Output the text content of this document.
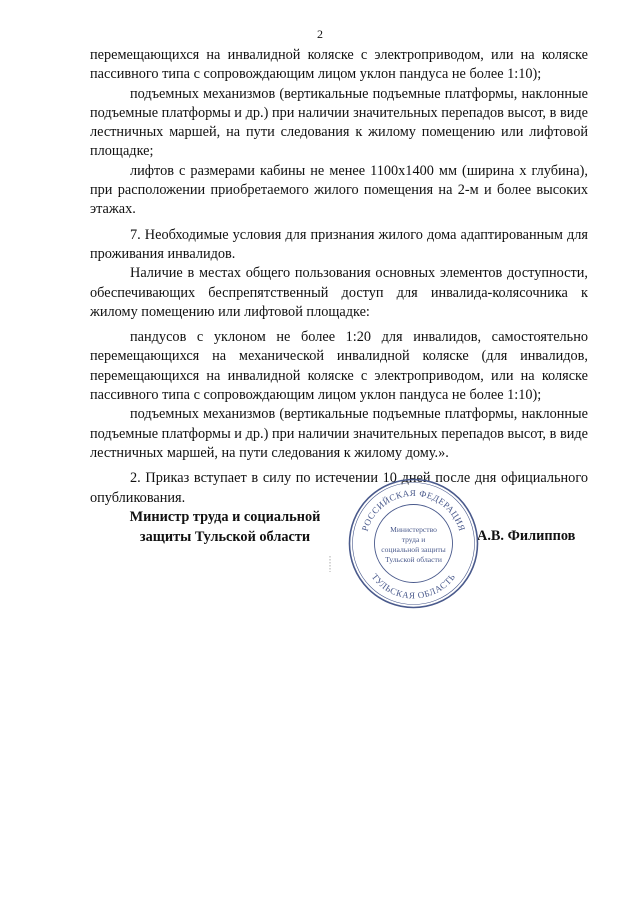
2

перемещающихся на инвалидной коляске с электроприводом, или на коляске пассивного типа с сопровождающим лицом уклон пандуса не более 1:10);

подъемных механизмов (вертикальные подъемные платформы, наклонные подъемные платформы и др.) при наличии значительных перепадов высот, в виде лестничных маршей, на пути следования к жилому помещению или лифтовой площадке;

лифтов с размерами кабины не менее 1100х1400 мм (ширина х глубина), при расположении приобретаемого жилого помещения на 2-м и более высоких этажах.

7. Необходимые условия для признания жилого дома адаптированным для проживания инвалидов.

Наличие в местах общего пользования основных элементов доступности, обеспечивающих беспрепятственный доступ для инвалида-колясочника к жилому помещению или лифтовой площадке:

пандусов с уклоном не более 1:20 для инвалидов, самостоятельно перемещающихся на механической инвалидной коляске (для инвалидов, перемещающихся на инвалидной коляске с электроприводом, или на коляске пассивного типа с сопровождающим лицом уклон пандуса не более 1:10);

подъемных механизмов (вертикальные подъемные платформы, наклонные подъемные платформы и др.) при наличии значительных перепадов высот, в виде лестничных маршей, на пути следования к жилому дому.».

2. Приказ вступает в силу по истечении 10 дней после дня официального опубликования.

Министр труда и социальной
защиты Тульской области	А.В. Филиппов
РОССИЙСКАЯ ФЕДЕРАЦИЯ
ТУЛЬСКАЯ ОБЛАСТЬ
Министерство
труда и
социальной защиты
Тульской области
